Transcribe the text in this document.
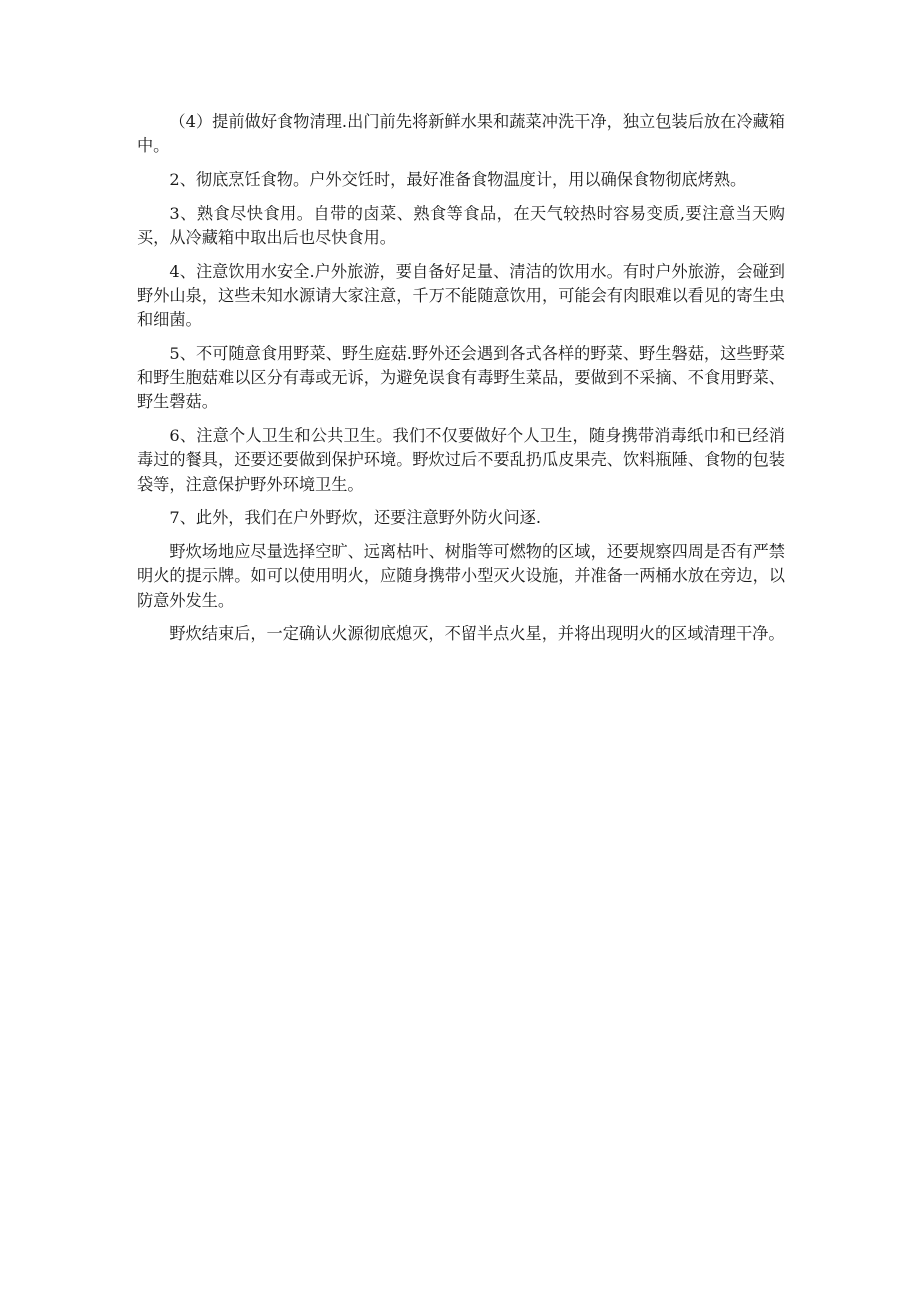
（4）提前做好食物清理.出门前先将新鲜水果和蔬菜冲洗干净，独立包装后放在冷藏箱中。

2、彻底烹饪食物。户外交饪时，最好准备食物温度计，用以确保食物彻底烤熟。

3、熟食尽快食用。自带的卤菜、熟食等食品，在天气较热时容易变质,要注意当天购买，从冷藏箱中取出后也尽快食用。

4、注意饮用水安全.户外旅游，要自备好足量、清洁的饮用水。有时户外旅游，会碰到野外山泉，这些未知水源请大家注意，千万不能随意饮用，可能会有肉眼难以看见的寄生虫和细菌。

5、不可随意食用野菜、野生庭菇.野外还会遇到各式各样的野菜、野生磐菇，这些野菜和野生胞菇难以区分有毒或无诉，为避免误食有毒野生菜品，要做到不采摘、不食用野菜、野生磬菇。

6、注意个人卫生和公共卫生。我们不仅要做好个人卫生，随身携带消毒纸巾和已经消毒过的餐具，还要还要做到保护环境。野炊过后不要乱扔瓜皮果壳、饮料瓶陲、食物的包装袋等，注意保护野外环境卫生。

7、此外，我们在户外野炊，还要注意野外防火问逐.

野炊场地应尽量选择空旷、远离枯叶、树脂等可燃物的区域，还要规察四周是否有严禁明火的提示牌。如可以使用明火，应随身携带小型灭火设施，并准备一两桶水放在旁边，以防意外发生。

野炊结束后，一定确认火源彻底熄灭，不留半点火星，并将出现明火的区域清理干净。
